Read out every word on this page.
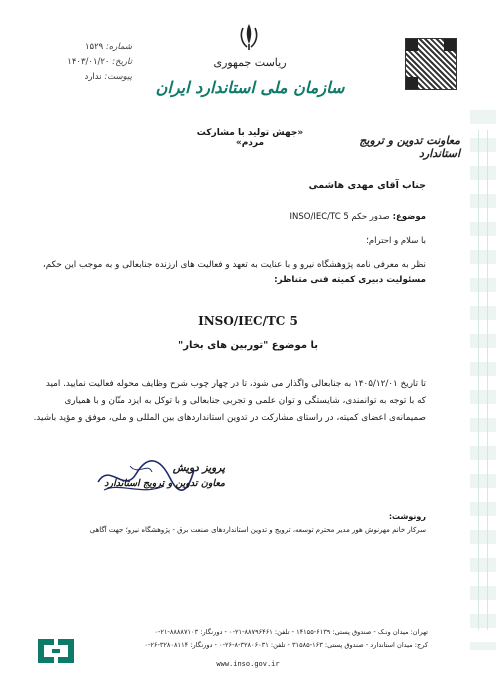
ریاست جمهوری
سازمان ملی استاندارد ایران
شماره: ۱۵۲۹
تاریخ: ۱۴۰۳/۰۱/۲۰
پیوست: ندارد
«جهش تولید با مشارکت مردم»	معاونت تدوین و ترویج استاندارد
جناب آقای مهدی هاشمی
موضوع: صدور حکم INSO/IEC/TC 5
با سلام و احترام؛
نظر به معرفی نامه پژوهشگاه نیرو و با عنایت به تعهد و فعالیت های ارزنده جنابعالی و به موجب این حکم،
مسئولیت دبیری کمیته فنی متناظر:
INSO/IEC/TC 5
با موضوع "توربین های بخار"
تا تاریخ ۱۴۰۵/۱۲/۰۱ به جنابعالی واگذار می شود، تا در چهار چوب شرح وظایف محوله فعالیت نمایید. امید
که با توجه به توانمندی، شایستگی و توان علمی و تجربی جنابعالی و با توکل به ایزد منّان و با همیاری
صمیمانه‌ی اعضای کمیته، در راستای مشارکت در تدوین استانداردهای بین المللی و ملی، موفق و مؤید باشید.
پرویز دویش
معاون تدوین و ترویج استاندارد
رونوشت:
سرکار خانم مهرنوش هور مدیر محترم توسعه، ترویج و تدوین استانداردهای صنعت برق - پژوهشگاه نیرو؛ جهت آگاهی
تهران: میدان ونـک - صندوق پستی: ۶۱۳۹-۱۴۱۵۵ - تلفن: ۸۸۷۹۶۴۶۱-۲۱-۰ - دورنگار: ۸۸۸۸۷۱۰۳-۲۱-۰
کرج: میدان استاندارد - صندوق پستی: ۱۶۳-۳۱۵۸۵ - تلفن: ۳۲۸۰۶۰۳۱-۸-۲۶-۰ - دورنگار: ۳۲۸۰۸۱۱۴-۲۶-۰
www.inso.gov.ir
